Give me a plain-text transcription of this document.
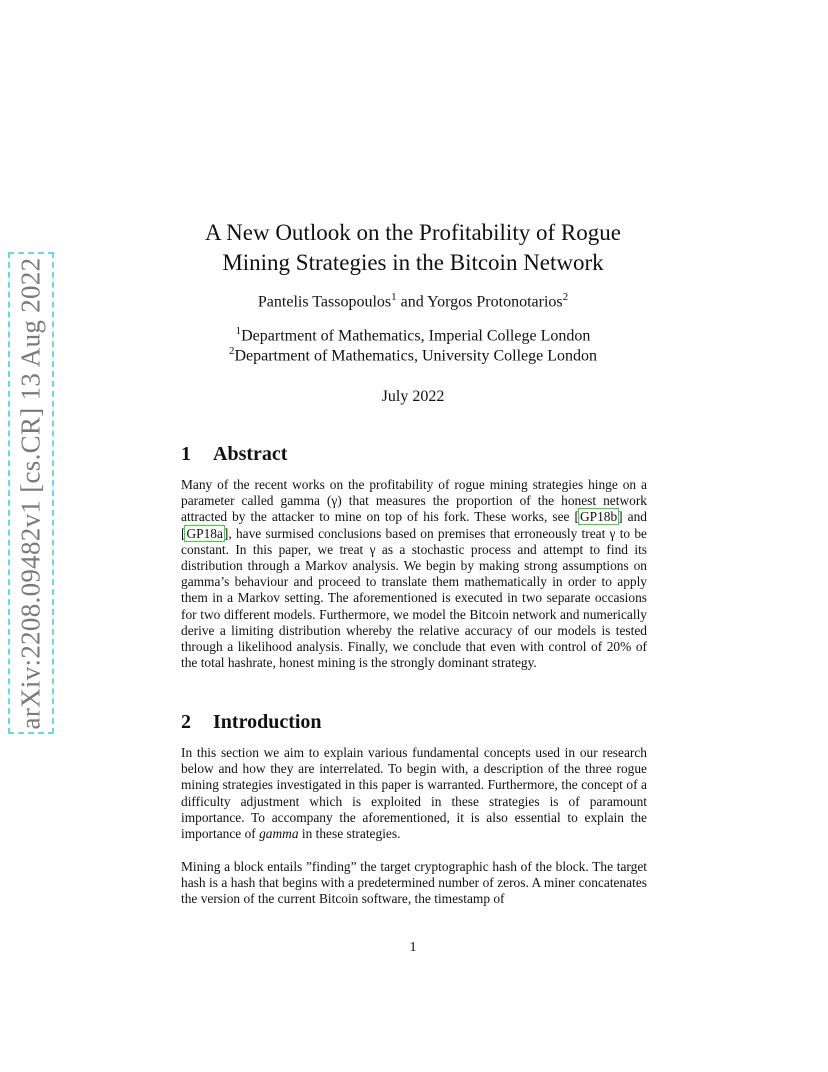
arXiv:2208.09482v1 [cs.CR] 13 Aug 2022
A New Outlook on the Profitability of Rogue
Mining Strategies in the Bitcoin Network
Pantelis Tassopoulos$^1$ and Yorgos Protonotarios$^2$
$^1$Department of Mathematics, Imperial College London
$^2$Department of Mathematics, University College London
July 2022
1 Abstract

Many of the recent works on the profitability of rogue mining strategies hinge on a parameter called gamma (γ) that measures the proportion of the honest network attracted by the attacker to mine on top of his fork. These works, see [GP18b] and [GP18a], have surmised conclusions based on premises that erroneously treat γ to be constant. In this paper, we treat γ as a stochastic process and attempt to find its distribution through a Markov analysis. We begin by making strong assumptions on gamma’s behaviour and proceed to translate them mathematically in order to apply them in a Markov setting. The aforementioned is executed in two separate occasions for two different models. Furthermore, we model the Bitcoin network and numerically derive a limiting distribution whereby the relative accuracy of our models is tested through a likelihood analysis. Finally, we conclude that even with control of 20% of the total hashrate, honest mining is the strongly dominant strategy.

2 Introduction

In this section we aim to explain various fundamental concepts used in our research below and how they are interrelated. To begin with, a description of the three rogue mining strategies investigated in this paper is warranted. Furthermore, the concept of a difficulty adjustment which is exploited in these strategies is of paramount importance. To accompany the aforementioned, it is also essential to explain the importance of gamma in these strategies.

Mining a block entails ”finding” the target cryptographic hash of the block. The target hash is a hash that begins with a predetermined number of zeros. A miner concatenates the version of the current Bitcoin software, the timestamp of

1
